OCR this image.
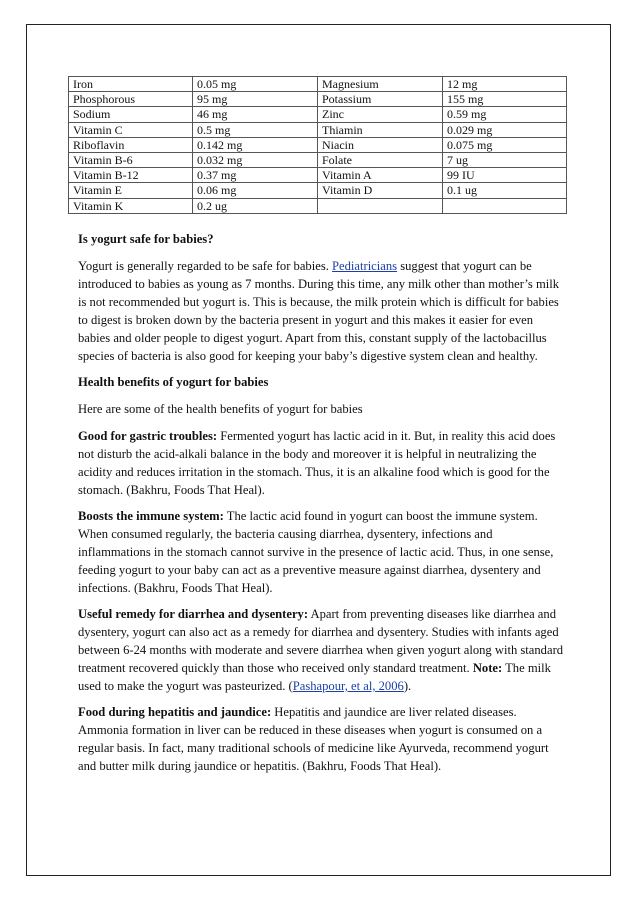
Iron	0.05 mg	Magnesium	12 mg
Phosphorous	95 mg	Potassium	155 mg
Sodium	46 mg	Zinc	0.59 mg
Vitamin C	0.5 mg	Thiamin	0.029 mg
Riboflavin	0.142 mg	Niacin	0.075 mg
Vitamin B-6	0.032 mg	Folate	7 ug
Vitamin B-12	0.37 mg	Vitamin A	99 IU
Vitamin E	0.06 mg	Vitamin D	0.1 ug
Vitamin K	0.2 ug		

Is yogurt safe for babies?

Yogurt is generally regarded to be safe for babies. Pediatricians suggest that yogurt can be introduced to babies as young as 7 months. During this time, any milk other than mother’s milk is not recommended but yogurt is. This is because, the milk protein which is difficult for babies to digest is broken down by the bacteria present in yogurt and this makes it easier for even babies and older people to digest yogurt. Apart from this, constant supply of the lactobacillus species of bacteria is also good for keeping your baby’s digestive system clean and healthy.

Health benefits of yogurt for babies

Here are some of the health benefits of yogurt for babies

Good for gastric troubles: Fermented yogurt has lactic acid in it. But, in reality this acid does not disturb the acid-alkali balance in the body and moreover it is helpful in neutralizing the acidity and reduces irritation in the stomach. Thus, it is an alkaline food which is good for the stomach. (Bakhru, Foods That Heal).

Boosts the immune system: The lactic acid found in yogurt can boost the immune system. When consumed regularly, the bacteria causing diarrhea, dysentery, infections and inflammations in the stomach cannot survive in the presence of lactic acid. Thus, in one sense, feeding yogurt to your baby can act as a preventive measure against diarrhea, dysentery and infections. (Bakhru, Foods That Heal).

Useful remedy for diarrhea and dysentery: Apart from preventing diseases like diarrhea and dysentery, yogurt can also act as a remedy for diarrhea and dysentery. Studies with infants aged between 6-24 months with moderate and severe diarrhea when given yogurt along with standard treatment recovered quickly than those who received only standard treatment. Note: The milk used to make the yogurt was pasteurized. (Pashapour, et al, 2006).

Food during hepatitis and jaundice: Hepatitis and jaundice are liver related diseases. Ammonia formation in liver can be reduced in these diseases when yogurt is consumed on a regular basis. In fact, many traditional schools of medicine like Ayurveda, recommend yogurt and butter milk during jaundice or hepatitis. (Bakhru, Foods That Heal).
